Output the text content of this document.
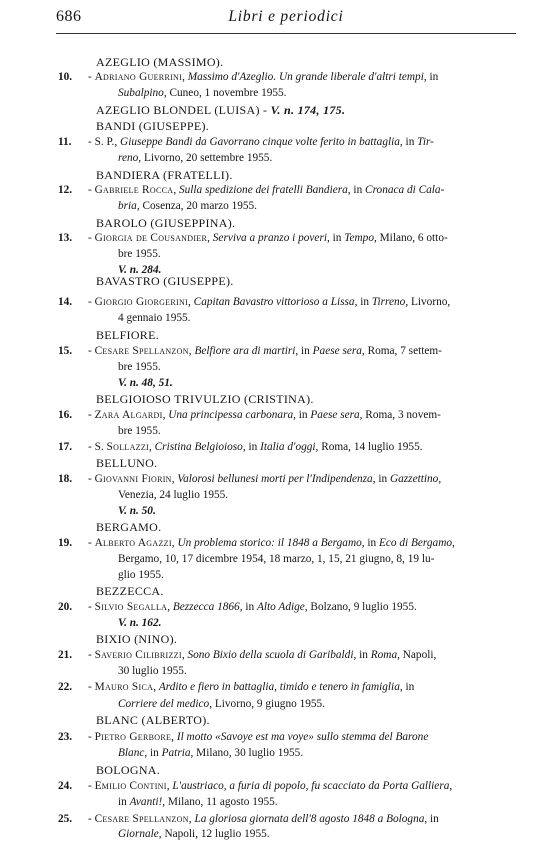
686	Libri e periodici
AZEGLIO (MASSIMO).
10.	- Adriano Guerrini, Massimo d'Azeglio. Un grande liberale d'altri tempi, in
Subalpino, Cuneo, 1 novembre 1955.
AZEGLIO BLONDEL (LUISA) - V. n. 174, 175.
BANDI (GIUSEPPE).
11.	- S. P., Giuseppe Bandi da Gavorrano cinque volte ferito in battaglia, in Tir-
reno, Livorno, 20 settembre 1955.
BANDIERA (FRATELLI).
12.	- Gabriele Rocca, Sulla spedizione dei fratelli Bandiera, in Cronaca di Cala-
bria, Cosenza, 20 marzo 1955.
BAROLO (GIUSEPPINA).
13.	- Giorgia de Cousandier, Serviva a pranzo i poveri, in Tempo, Milano, 6 otto-
bre 1955.
V. n. 284.
BAVASTRO (GIUSEPPE).
14.	- Giorgio Giorgerini, Capitan Bavastro vittorioso a Lissa, in Tirreno, Livorno,
4 gennaio 1955.
BELFIORE.
15.	- Cesare Spellanzon, Belfiore ara di martiri, in Paese sera, Roma, 7 settem-
bre 1955.
V. n. 48, 51.
BELGIOIOSO TRIVULZIO (CRISTINA).
16.	- Zara Algardi, Una principessa carbonara, in Paese sera, Roma, 3 novem-
bre 1955.
17.	- S. Sollazzi, Cristina Belgioioso, in Italia d'oggi, Roma, 14 luglio 1955.
BELLUNO.
18.	- Giovanni Fiorin, Valorosi bellunesi morti per l'Indipendenza, in Gazzettino,
Venezia, 24 luglio 1955.
V. n. 50.
BERGAMO.
19.	- Alberto Agazzi, Un problema storico: il 1848 a Bergamo, in Eco di Bergamo,
Bergamo, 10, 17 dicembre 1954, 18 marzo, 1, 15, 21 giugno, 8, 19 lu-
glio 1955.
BEZZECCA.
20.	- Silvio Segalla, Bezzecca 1866, in Alto Adige, Bolzano, 9 luglio 1955.
V. n. 162.
BIXIO (NINO).
21.	- Saverio Cilibrizzi, Sono Bixio della scuola di Garibaldi, in Roma, Napoli,
30 luglio 1955.
22.	- Mauro Sica, Ardito e fiero in battaglia, timido e tenero in famiglia, in
Corriere del medico, Livorno, 9 giugno 1955.
BLANC (ALBERTO).
23.	- Pietro Gerbore, Il motto «Savoye est ma voye» sullo stemma del Barone
Blanc, in Patria, Milano, 30 luglio 1955.
BOLOGNA.
24.	- Emilio Contini, L'austriaco, a furia di popolo, fu scacciato da Porta Galliera,
in Avanti!, Milano, 11 agosto 1955.
25.	- Cesare Spellanzon, La gloriosa giornata dell'8 agosto 1848 a Bologna, in
Giornale, Napoli, 12 luglio 1955.
